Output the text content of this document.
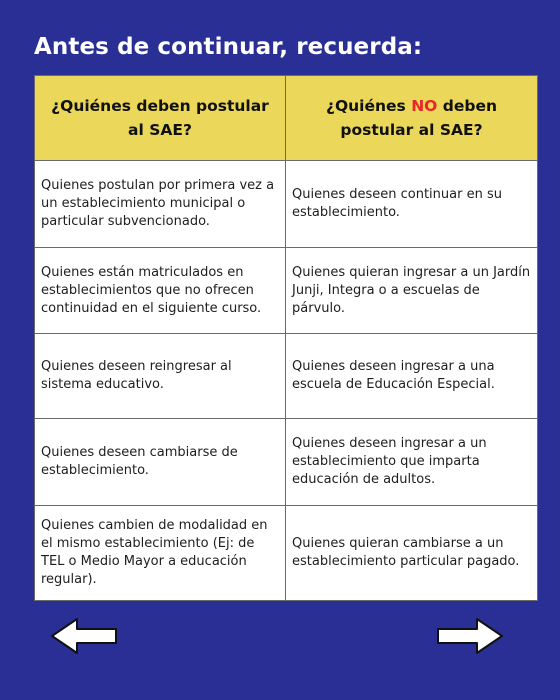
Antes de continuar, recuerda:
¿Quiénes deben postular al SAE?	¿Quiénes NO deben postular al SAE?
Quienes postulan por primera vez a un establecimiento municipal o particular subvencionado.	Quienes deseen continuar en su establecimiento.
Quienes están matriculados en establecimientos que no ofrecen continuidad en el siguiente curso.	Quienes quieran ingresar a un Jardín Junji, Integra o a escuelas de párvulo.
Quienes deseen reingresar al sistema educativo.	Quienes deseen ingresar a una escuela de Educación Especial.
Quienes deseen cambiarse de establecimiento.	Quienes deseen ingresar a un establecimiento que imparta educación de adultos.
Quienes cambien de modalidad en el mismo establecimiento (Ej: de TEL o Medio Mayor a educación regular).	Quienes quieran cambiarse a un establecimiento particular pagado.
